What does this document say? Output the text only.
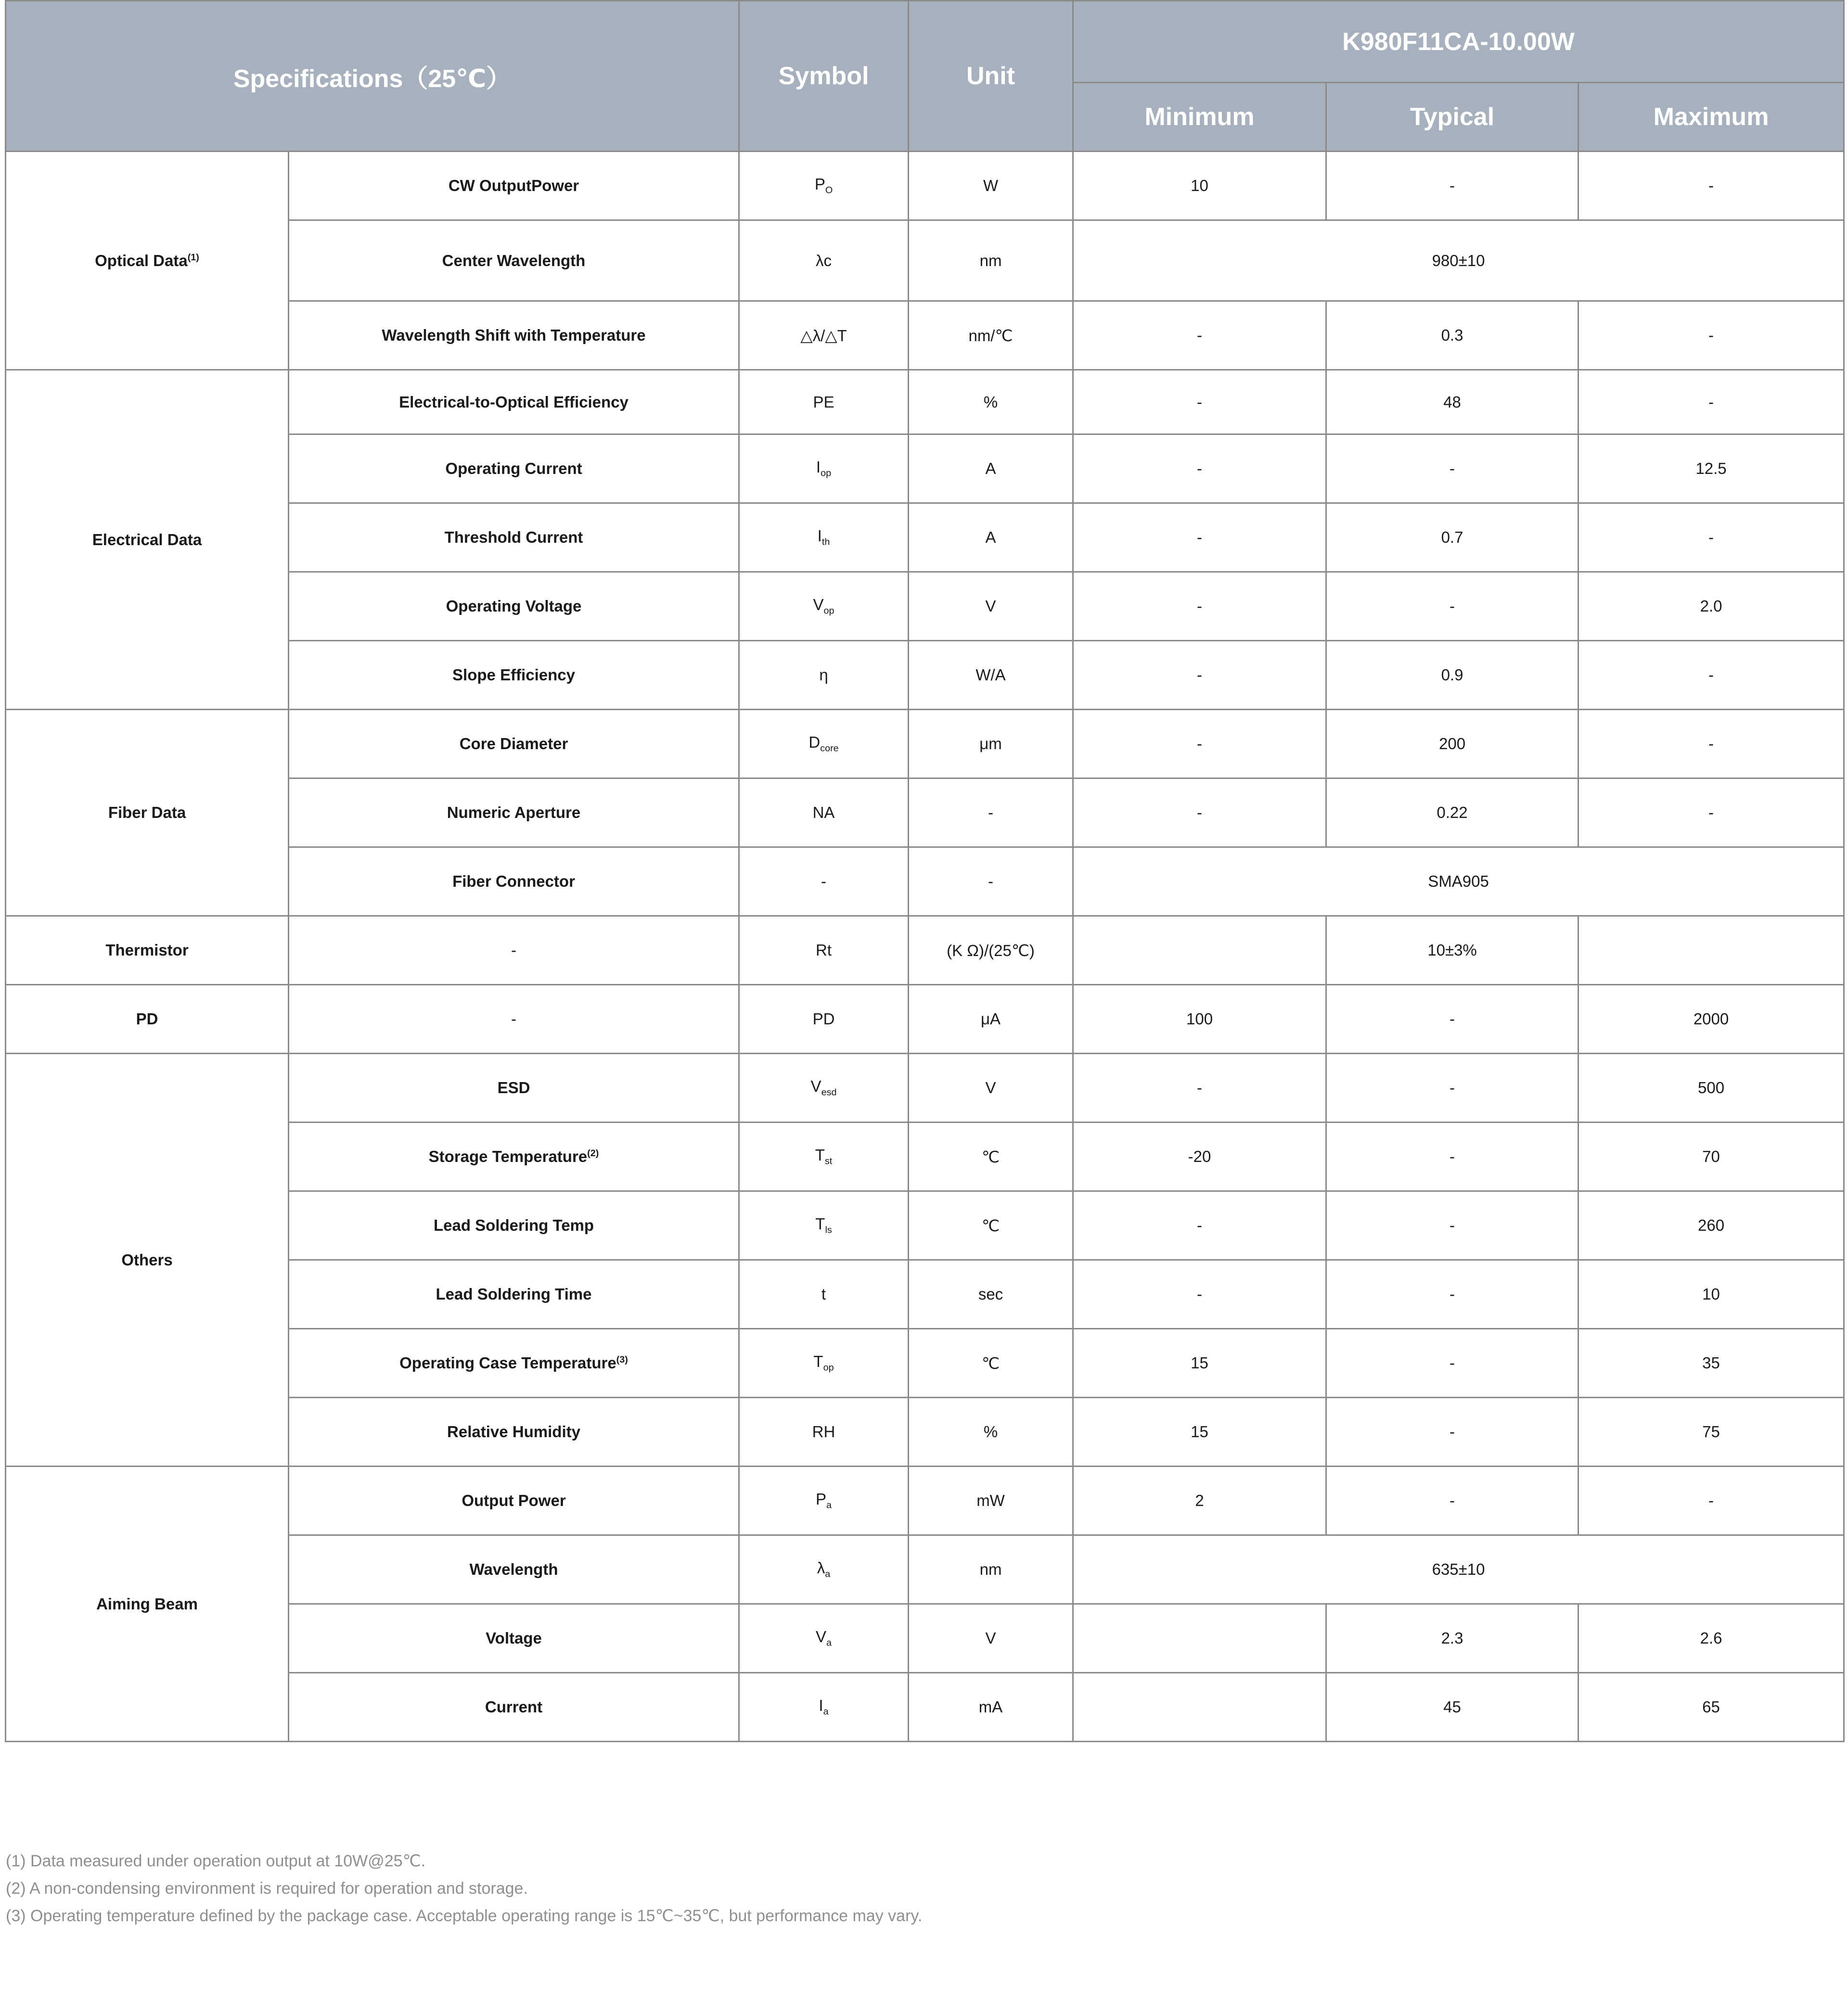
Specifications（25℃）		Symbol	Unit	K980F11CA-10.00W		
				Minimum	Typical	Maximum
Optical Data$^{(1)}$	CW OutputPower	$P_O$	W	10	-	-
	Center Wavelength	λc	nm	980±10		
	Wavelength Shift with Temperature	△λ/△T	nm/℃	-	0.3	-
Electrical Data	Electrical-to-Optical Efficiency	PE	%	-	48	-
	Operating Current	$I_{op}$	A	-	-	12.5
	Threshold Current	$I_{th}$	A	-	0.7	-
	Operating Voltage	$V_{op}$	V	-	-	2.0
	Slope Efficiency	η	W/A	-	0.9	-
Fiber Data	Core Diameter	$D_{core}$	μm	-	200	-
	Numeric Aperture	NA	-	-	0.22	-
	Fiber Connector	-	-	SMA905		
Thermistor	-	Rt	(K Ω)/(25℃)		10±3%	
PD	-	PD	μA	100	-	2000
Others	ESD	$V_{esd}$	V	-	-	500
	Storage Temperature$^{(2)}$	$T_{st}$	℃	-20	-	70
	Lead Soldering Temp	$T_{ls}$	℃	-	-	260
	Lead Soldering Time	t	sec	-	-	10
	Operating Case Temperature$^{(3)}$	$T_{op}$	℃	15	-	35
	Relative Humidity	RH	%	15	-	75
Aiming Beam	Output Power	$P_a$	mW	2	-	-
	Wavelength	$\lambda_a$	nm	635±10		
	Voltage	$V_a$	V		2.3	2.6
	Current	$I_a$	mA		45	65
(1) Data measured under operation output at 10W@25℃.
(2) A non-condensing environment is required for operation and storage.
(3) Operating temperature defined by the package case. Acceptable operating range is 15℃~35℃, but performance may vary.
